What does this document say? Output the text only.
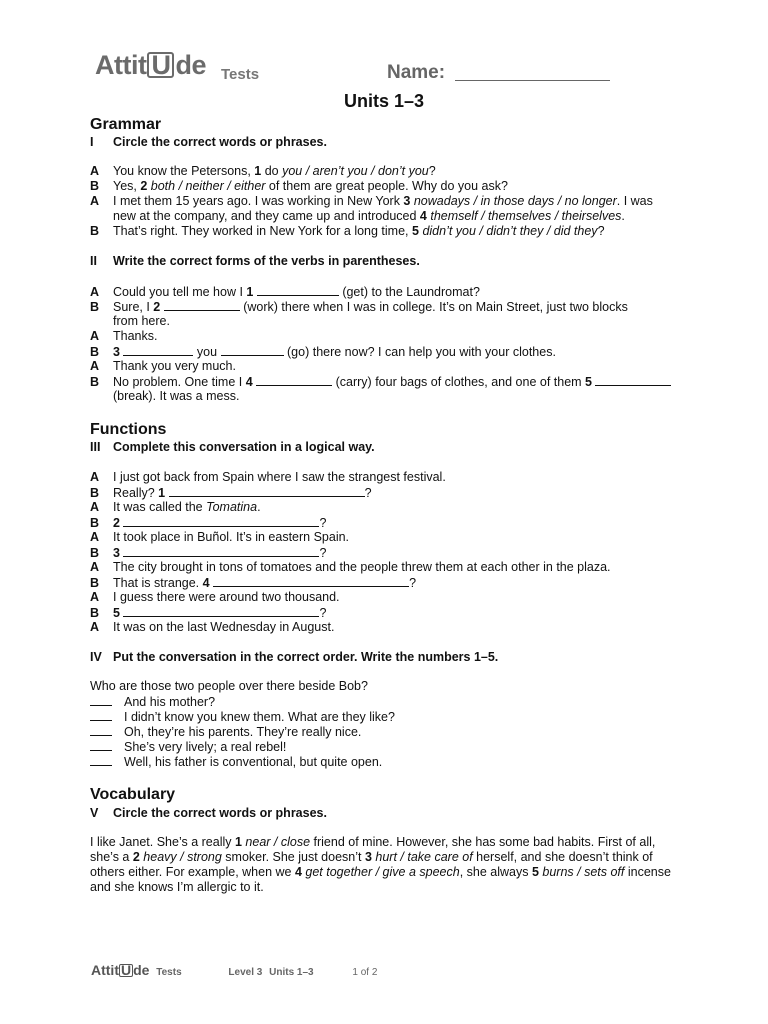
Attit U de Tests	Name:
Units 1–3
Grammar
I Circle the correct words or phrases.
A You know the Petersons, 1 do you / aren’t you / don’t you?
B Yes, 2 both / neither / either of them are great people. Why do you ask?
A I met them 15 years ago. I was working in New York 3 nowadays / in those days / no longer. I was
new at the company, and they came up and introduced 4 themself / themselves / theirselves.
B That’s right. They worked in New York for a long time, 5 didn’t you / didn’t they / did they?
II Write the correct forms of the verbs in parentheses.
A Could you tell me how I 1	(get) to the Laundromat?
B Sure, I 2	(work) there when I was in college. It’s on Main Street, just two blocks
from here.
A Thanks.
B 3	you	(go) there now? I can help you with your clothes.
A Thank you very much.
B No problem. One time I 4	(carry) four bags of clothes, and one of them 5
(break). It was a mess.
Functions
III Complete this conversation in a logical way.
A I just got back from Spain where I saw the strangest festival.
B Really? 1	?
A It was called the Tomatina.
B 2	?
A It took place in Buñol. It’s in eastern Spain.
B 3	?
A The city brought in tons of tomatoes and the people threw them at each other in the plaza.
B That is strange. 4	?
A I guess there were around two thousand.
B 5	?
A It was on the last Wednesday in August.
IV Put the conversation in the correct order. Write the numbers 1–5.
Who are those two people over there beside Bob?
And his mother?
I didn’t know you knew them. What are they like?
Oh, they’re his parents. They’re really nice.
She’s very lively; a real rebel!
Well, his father is conventional, but quite open.
Vocabulary
V Circle the correct words or phrases.
I like Janet. She’s a really 1 near / close friend of mine. However, she has some bad habits. First of all,
she’s a 2 heavy / strong smoker. She just doesn’t 3 hurt / take care of herself, and she doesn’t think of
others either. For example, when we 4 get together / give a speech, she always 5 burns / sets off incense
and she knows I’m allergic to it.
Attit U de Tests	Level 3 Units 1–3	1 of 2
